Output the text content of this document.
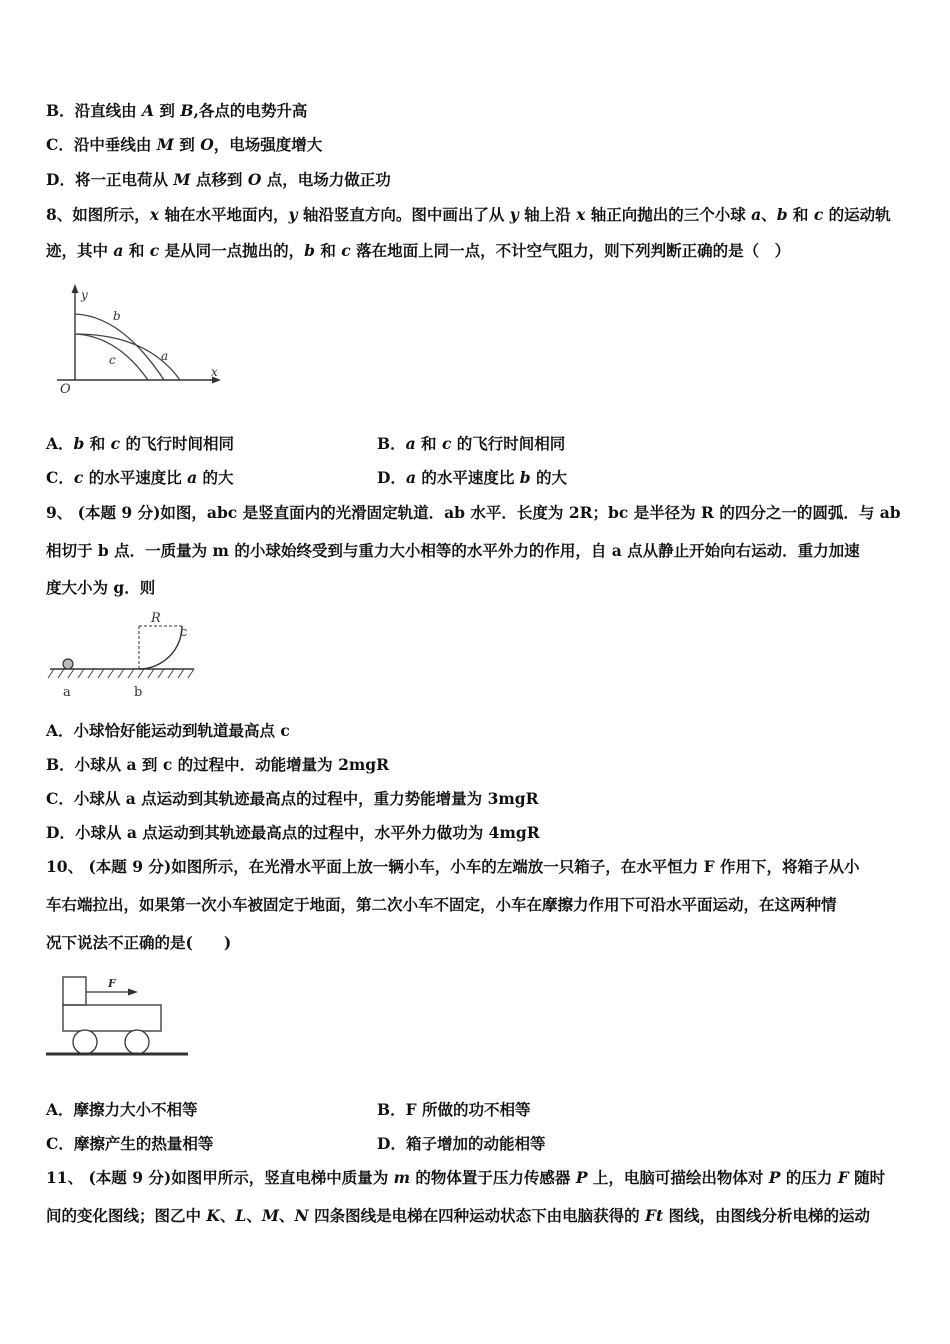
B．沿直线由 A 到 B,各点的电势升高
C．沿中垂线由 M 到 O，电场强度增大
D．将一正电荷从 M 点移到 O 点，电场力做正功
8、如图所示，x 轴在水平地面内，y 轴沿竖直方向。图中画出了从 y 轴上沿 x 轴正向抛出的三个小球 a、b 和 c 的运动轨
迹，其中 a 和 c 是从同一点抛出的，b 和 c 落在地面上同一点，不计空气阻力，则下列判断正确的是（　）
y
x
O
b
c	a
A．b 和 c 的飞行时间相同	B．a 和 c 的飞行时间相同
C．c 的水平速度比 a 的大	D．a 的水平速度比 b 的大
9、 (本题 9 分)如图，abc 是竖直面内的光滑固定轨道．ab 水平．长度为 2R；bc 是半径为 R 的四分之一的圆弧．与 ab
相切于 b 点．一质量为 m 的小球始终受到与重力大小相等的水平外力的作用，自 a 点从静止开始向右运动．重力加速
度大小为 g．则
R
c
a	b
A．小球恰好能运动到轨道最高点 c
B．小球从 a 到 c 的过程中．动能增量为 2mgR
C．小球从 a 点运动到其轨迹最高点的过程中，重力势能增量为 3mgR
D．小球从 a 点运动到其轨迹最高点的过程中，水平外力做功为 4mgR
10、 (本题 9 分)如图所示，在光滑水平面上放一辆小车，小车的左端放一只箱子，在水平恒力 F 作用下，将箱子从小
车右端拉出，如果第一次小车被固定于地面，第二次小车不固定，小车在摩擦力作用下可沿水平面运动，在这两种情
况下说法不正确的是(　　)
F
A．摩擦力大小不相等	B．F 所做的功不相等
C．摩擦产生的热量相等	D．箱子增加的动能相等
11、 (本题 9 分)如图甲所示，竖直电梯中质量为 m 的物体置于压力传感器 P 上，电脑可描绘出物体对 P 的压力 F 随时
间的变化图线；图乙中 K、L、M、N 四条图线是电梯在四种运动状态下由电脑获得的 Ft 图线，由图线分析电梯的运动
